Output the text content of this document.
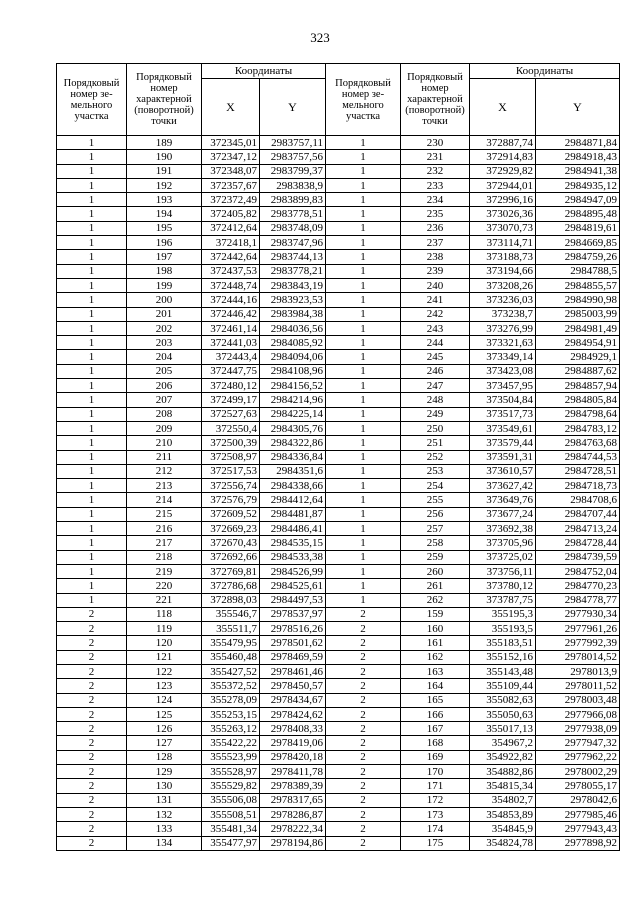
323
Порядковый номер зе- мельного участка	Порядковый номер характерной (поворотной) точки	Координаты		Порядковый номер зе- мельного участка	Порядковый номер характерной (поворотной) точки	Координаты	
		X	Y			X	Y
1	189	372345,01	2983757,11	1	230	372887,74	2984871,84
1	190	372347,12	2983757,56	1	231	372914,83	2984918,43
1	191	372348,07	2983799,37	1	232	372929,82	2984941,38
1	192	372357,67	2983838,9	1	233	372944,01	2984935,12
1	193	372372,49	2983899,83	1	234	372996,16	2984947,09
1	194	372405,82	2983778,51	1	235	373026,36	2984895,48
1	195	372412,64	2983748,09	1	236	373070,73	2984819,61
1	196	372418,1	2983747,96	1	237	373114,71	2984669,85
1	197	372442,64	2983744,13	1	238	373188,73	2984759,26
1	198	372437,53	2983778,21	1	239	373194,66	2984788,5
1	199	372448,74	2983843,19	1	240	373208,26	2984855,57
1	200	372444,16	2983923,53	1	241	373236,03	2984990,98
1	201	372446,42	2983984,38	1	242	373238,7	2985003,99
1	202	372461,14	2984036,56	1	243	373276,99	2984981,49
1	203	372441,03	2984085,92	1	244	373321,63	2984954,91
1	204	372443,4	2984094,06	1	245	373349,14	2984929,1
1	205	372447,75	2984108,96	1	246	373423,08	2984887,62
1	206	372480,12	2984156,52	1	247	373457,95	2984857,94
1	207	372499,17	2984214,96	1	248	373504,84	2984805,84
1	208	372527,63	2984225,14	1	249	373517,73	2984798,64
1	209	372550,4	2984305,76	1	250	373549,61	2984783,12
1	210	372500,39	2984322,86	1	251	373579,44	2984763,68
1	211	372508,97	2984336,84	1	252	373591,31	2984744,53
1	212	372517,53	2984351,6	1	253	373610,57	2984728,51
1	213	372556,74	2984338,66	1	254	373627,42	2984718,73
1	214	372576,79	2984412,64	1	255	373649,76	2984708,6
1	215	372609,52	2984481,87	1	256	373677,24	2984707,44
1	216	372669,23	2984486,41	1	257	373692,38	2984713,24
1	217	372670,43	2984535,15	1	258	373705,96	2984728,44
1	218	372692,66	2984533,38	1	259	373725,02	2984739,59
1	219	372769,81	2984526,99	1	260	373756,11	2984752,04
1	220	372786,68	2984525,61	1	261	373780,12	2984770,23
1	221	372898,03	2984497,53	1	262	373787,75	2984778,77
2	118	355546,7	2978537,97	2	159	355195,3	2977930,34
2	119	355511,7	2978516,26	2	160	355193,5	2977961,26
2	120	355479,95	2978501,62	2	161	355183,51	2977992,39
2	121	355460,48	2978469,59	2	162	355152,16	2978014,52
2	122	355427,52	2978461,46	2	163	355143,48	2978013,9
2	123	355372,52	2978450,57	2	164	355109,44	2978011,52
2	124	355278,09	2978434,67	2	165	355082,63	2978003,48
2	125	355253,15	2978424,62	2	166	355050,63	2977966,08
2	126	355263,12	2978408,33	2	167	355017,13	2977938,09
2	127	355422,22	2978419,06	2	168	354967,2	2977947,32
2	128	355523,99	2978420,18	2	169	354922,82	2977962,22
2	129	355528,97	2978411,78	2	170	354882,86	2978002,29
2	130	355529,82	2978389,39	2	171	354815,34	2978055,17
2	131	355506,08	2978317,65	2	172	354802,7	2978042,6
2	132	355508,51	2978286,87	2	173	354853,89	2977985,46
2	133	355481,34	2978222,34	2	174	354845,9	2977943,43
2	134	355477,97	2978194,86	2	175	354824,78	2977898,92
